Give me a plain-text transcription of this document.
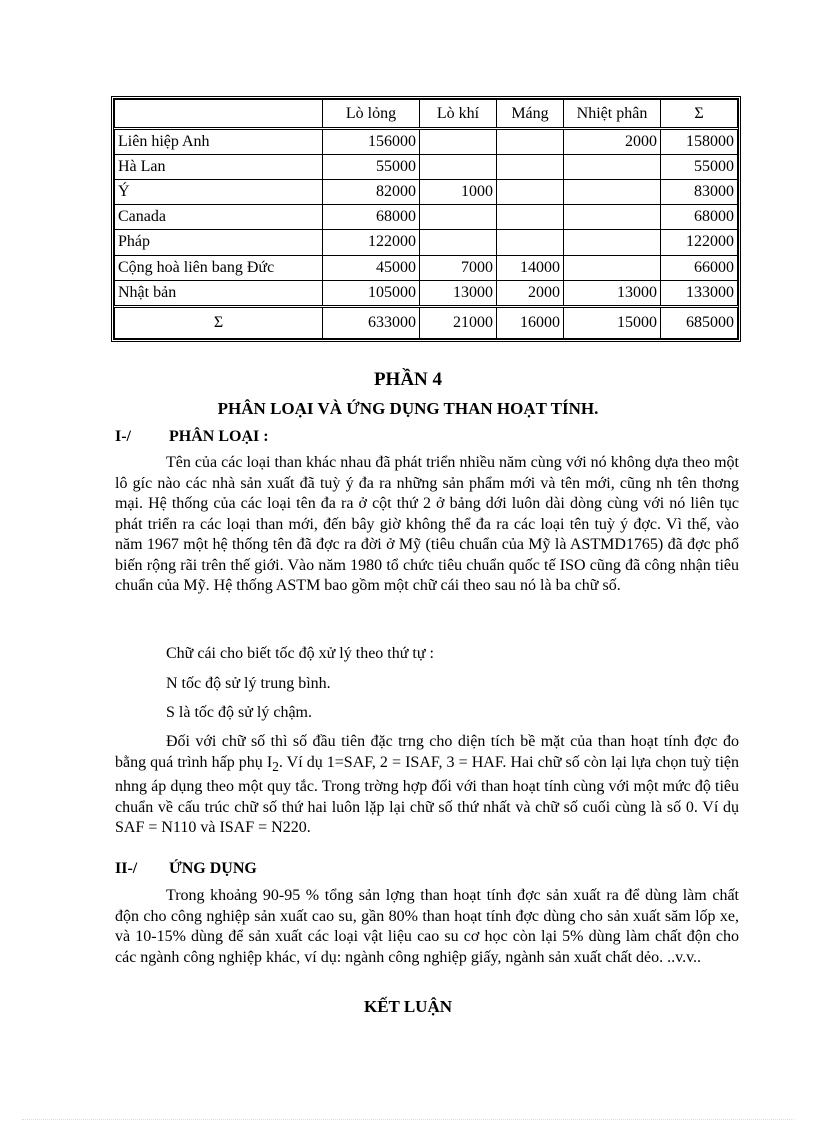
	Lò lỏng	Lò khí	Máng	Nhiệt phân	Σ
Liên hiệp Anh	156000			2000	158000
Hà Lan	55000				55000
Ý	82000	1000			83000
Canada	68000				68000
Pháp	122000				122000
Cộng hoà liên bang Đức	45000	7000	14000		66000
Nhật bản	105000	13000	2000	13000	133000
Σ	633000	21000	16000	15000	685000
PHẦN 4
PHÂN LOẠI VÀ ỨNG DỤNG THAN HOẠT TÍNH.
I-/ PHÂN LOẠI :

Tên của các loại than khác nhau đã phát triển nhiều năm cùng với nó không dựa theo một lô gíc nào các nhà sản xuất đã tuỳ ý đa ra những sản phẩm mới và tên mới, cũng nh tên thơng mại. Hệ thống của các loại tên đa ra ở cột thứ 2 ở bảng dới luôn dài dòng cùng với nó liên tục phát triển ra các loại than mới, đến bây giờ không thể đa ra các loại tên tuỳ ý đợc. Vì thế, vào năm 1967 một hệ thống tên đã đợc ra đời ở Mỹ (tiêu chuẩn của Mỹ là ASTMD1765) đã đợc phổ biến rộng rãi trên thế giới. Vào năm 1980 tổ chức tiêu chuẩn quốc tế ISO cũng đã công nhận tiêu chuẩn của Mỹ. Hệ thống ASTM bao gồm một chữ cái theo sau nó là ba chữ số.

Chữ cái cho biết tốc độ xử lý theo thứ tự :
N tốc độ sử lý trung bình.
S là tốc độ sử lý chậm.

Đối với chữ số thì số đầu tiên đặc trng cho diện tích bề mặt của than hoạt tính đợc đo bằng quá trình hấp phụ $I_2$. Ví dụ 1=SAF, 2 = ISAF, 3 = HAF. Hai chữ số còn lại lựa chọn tuỳ tiện nhng áp dụng theo một quy tắc. Trong trờng hợp đối với than hoạt tính cùng với một mức độ tiêu chuẩn về cấu trúc chữ số thứ hai luôn lặp lại chữ số thứ nhất và chữ số cuối cùng là số 0. Ví dụ SAF = N110 và ISAF = N220.

II-/ ỨNG DỤNG

Trong khoảng 90-95 % tổng sản lợng than hoạt tính đợc sản xuất ra để dùng làm chất độn cho công nghiệp sản xuất cao su, gần 80% than hoạt tính đợc dùng cho sản xuất săm lốp xe, và 10-15% dùng để sản xuất các loại vật liệu cao su cơ học còn lại 5% dùng làm chất độn cho các ngành công nghiệp khác, ví dụ: ngành công nghiệp giấy, ngành sản xuất chất dẻo. ..v.v..

KẾT LUẬN
